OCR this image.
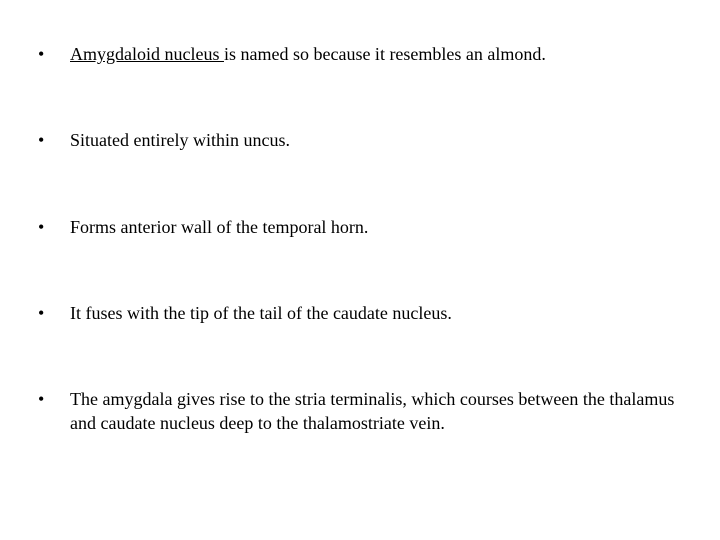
•	Amygdaloid nucleus is named so because it resembles an almond.
•	Situated entirely within uncus.
•	Forms anterior wall of the temporal horn.
•	It fuses with the tip of the tail of the caudate nucleus.
•	The amygdala gives rise to the stria terminalis, which courses between the thalamus and caudate nucleus deep to the thalamostriate vein.
